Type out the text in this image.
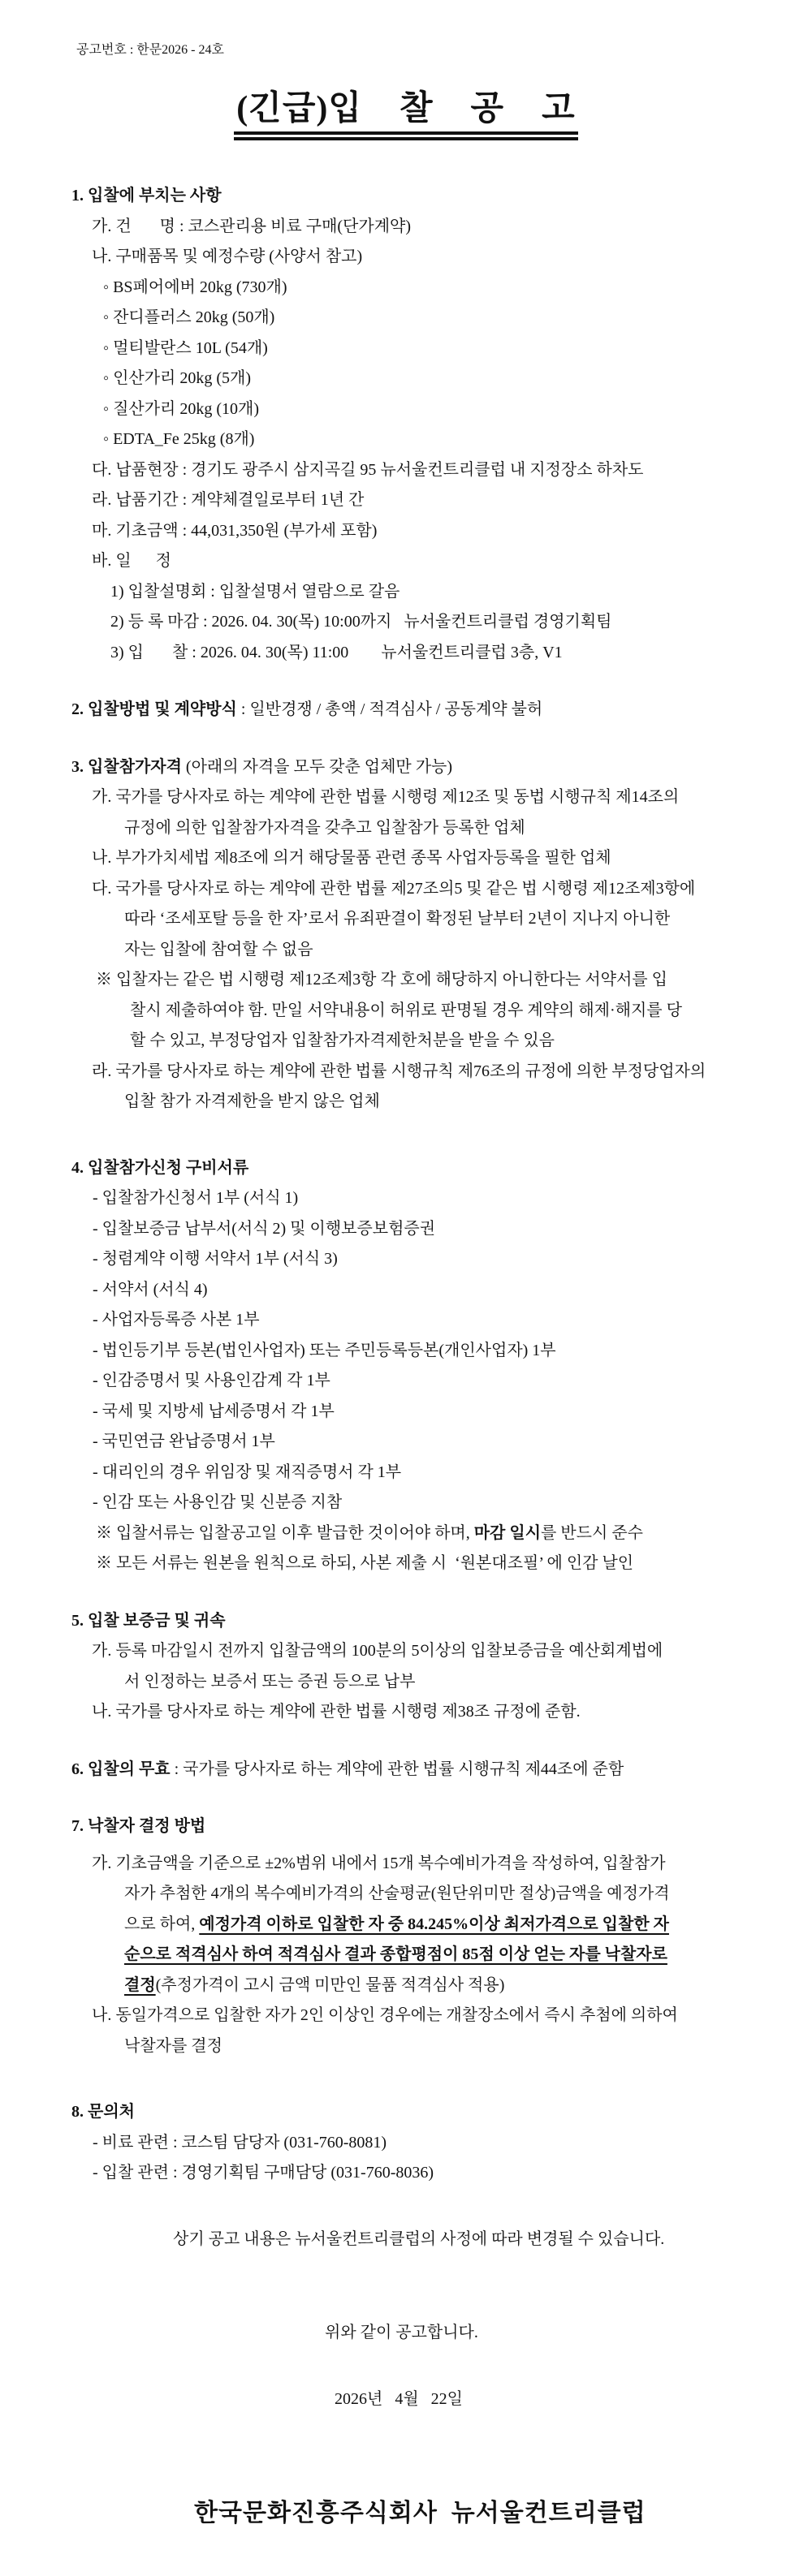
공고번호 : 한문2026 - 24호
(긴급)입    찰    공    고
1. 입찰에 부치는 사항
가. 건       명 : 코스관리용 비료 구매(단가계약)
나. 구매품목 및 예정수량 (사양서 참고)
◦ BS페어에버 20kg (730개)
◦ 잔디플러스 20kg (50개)
◦ 멀티발란스 10L (54개)
◦ 인산가리 20kg (5개)
◦ 질산가리 20kg (10개)
◦ EDTA_Fe 25kg (8개)
다. 납품현장 : 경기도 광주시 삼지곡길 95 뉴서울컨트리클럽 내 지정장소 하차도
라. 납품기간 : 계약체결일로부터 1년 간
마. 기초금액 : 44,031,350원 (부가세 포함)
바. 일      정
1) 입찰설명회 : 입찰설명서 열람으로 갈음
2) 등 록 마감 : 2026. 04. 30(목) 10:00까지   뉴서울컨트리클럽 경영기획팀
3) 입       찰 : 2026. 04. 30(목) 11:00        뉴서울컨트리클럽 3층, V1
2. 입찰방법 및 계약방식 : 일반경쟁 / 총액 / 적격심사 / 공동계약 불허
3. 입찰참가자격 (아래의 자격을 모두 갖춘 업체만 가능)
가. 국가를 당사자로 하는 계약에 관한 법률 시행령 제12조 및 동법 시행규칙 제14조의
규정에 의한 입찰참가자격을 갖추고 입찰참가 등록한 업체
나. 부가가치세법 제8조에 의거 해당물품 관련 종목 사업자등록을 필한 업체
다. 국가를 당사자로 하는 계약에 관한 법률 제27조의5 및 같은 법 시행령 제12조제3항에
따라 ‘조세포탈 등을 한 자’로서 유죄판결이 확정된 날부터 2년이 지나지 아니한
자는 입찰에 참여할 수 없음
※ 입찰자는 같은 법 시행령 제12조제3항 각 호에 해당하지 아니한다는 서약서를 입
찰시 제출하여야 함. 만일 서약내용이 허위로 판명될 경우 계약의 해제·해지를 당
할 수 있고, 부정당업자 입찰참가자격제한처분을 받을 수 있음
라. 국가를 당사자로 하는 계약에 관한 법률 시행규칙 제76조의 규정에 의한 부정당업자의
입찰 참가 자격제한을 받지 않은 업체
4. 입찰참가신청 구비서류
- 입찰참가신청서 1부 (서식 1)
- 입찰보증금 납부서(서식 2) 및 이행보증보험증권
- 청렴계약 이행 서약서 1부 (서식 3)
- 서약서 (서식 4)
- 사업자등록증 사본 1부
- 법인등기부 등본(법인사업자) 또는 주민등록등본(개인사업자) 1부
- 인감증명서 및 사용인감계 각 1부
- 국세 및 지방세 납세증명서 각 1부
- 국민연금 완납증명서 1부
- 대리인의 경우 위임장 및 재직증명서 각 1부
- 인감 또는 사용인감 및 신분증 지참
※ 입찰서류는 입찰공고일 이후 발급한 것이어야 하며, 마감 일시를 반드시 준수
※ 모든 서류는 원본을 원칙으로 하되, 사본 제출 시  ‘원본대조필’ 에 인감 날인
5. 입찰 보증금 및 귀속
가. 등록 마감일시 전까지 입찰금액의 100분의 5이상의 입찰보증금을 예산회계법에
서 인정하는 보증서 또는 증권 등으로 납부
나. 국가를 당사자로 하는 계약에 관한 법률 시행령 제38조 규정에 준함.
6. 입찰의 무효 : 국가를 당사자로 하는 계약에 관한 법률 시행규칙 제44조에 준함
7. 낙찰자 결정 방법
가. 기초금액을 기준으로 ±2%범위 내에서 15개 복수예비가격을 작성하여, 입찰참가
자가 추첨한 4개의 복수예비가격의 산술평균(원단위미만 절상)금액을 예정가격
으로 하여, 예정가격 이하로 입찰한 자 중 84.245%이상 최저가격으로 입찰한 자
순으로 적격심사 하여 적격심사 결과 종합평점이 85점 이상 얻는 자를 낙찰자로
결정(추정가격이 고시 금액 미만인 물품 적격심사 적용)
나. 동일가격으로 입찰한 자가 2인 이상인 경우에는 개찰장소에서 즉시 추첨에 의하여
낙찰자를 결정
8. 문의처
- 비료 관련 : 코스팀 담당자 (031-760-8081)
- 입찰 관련 : 경영기획팀 구매담당 (031-760-8036)
상기 공고 내용은 뉴서울컨트리클럽의 사정에 따라 변경될 수 있습니다.
위와 같이 공고합니다.
2026년   4월   22일
한국문화진흥주식회사  뉴서울컨트리클럽
